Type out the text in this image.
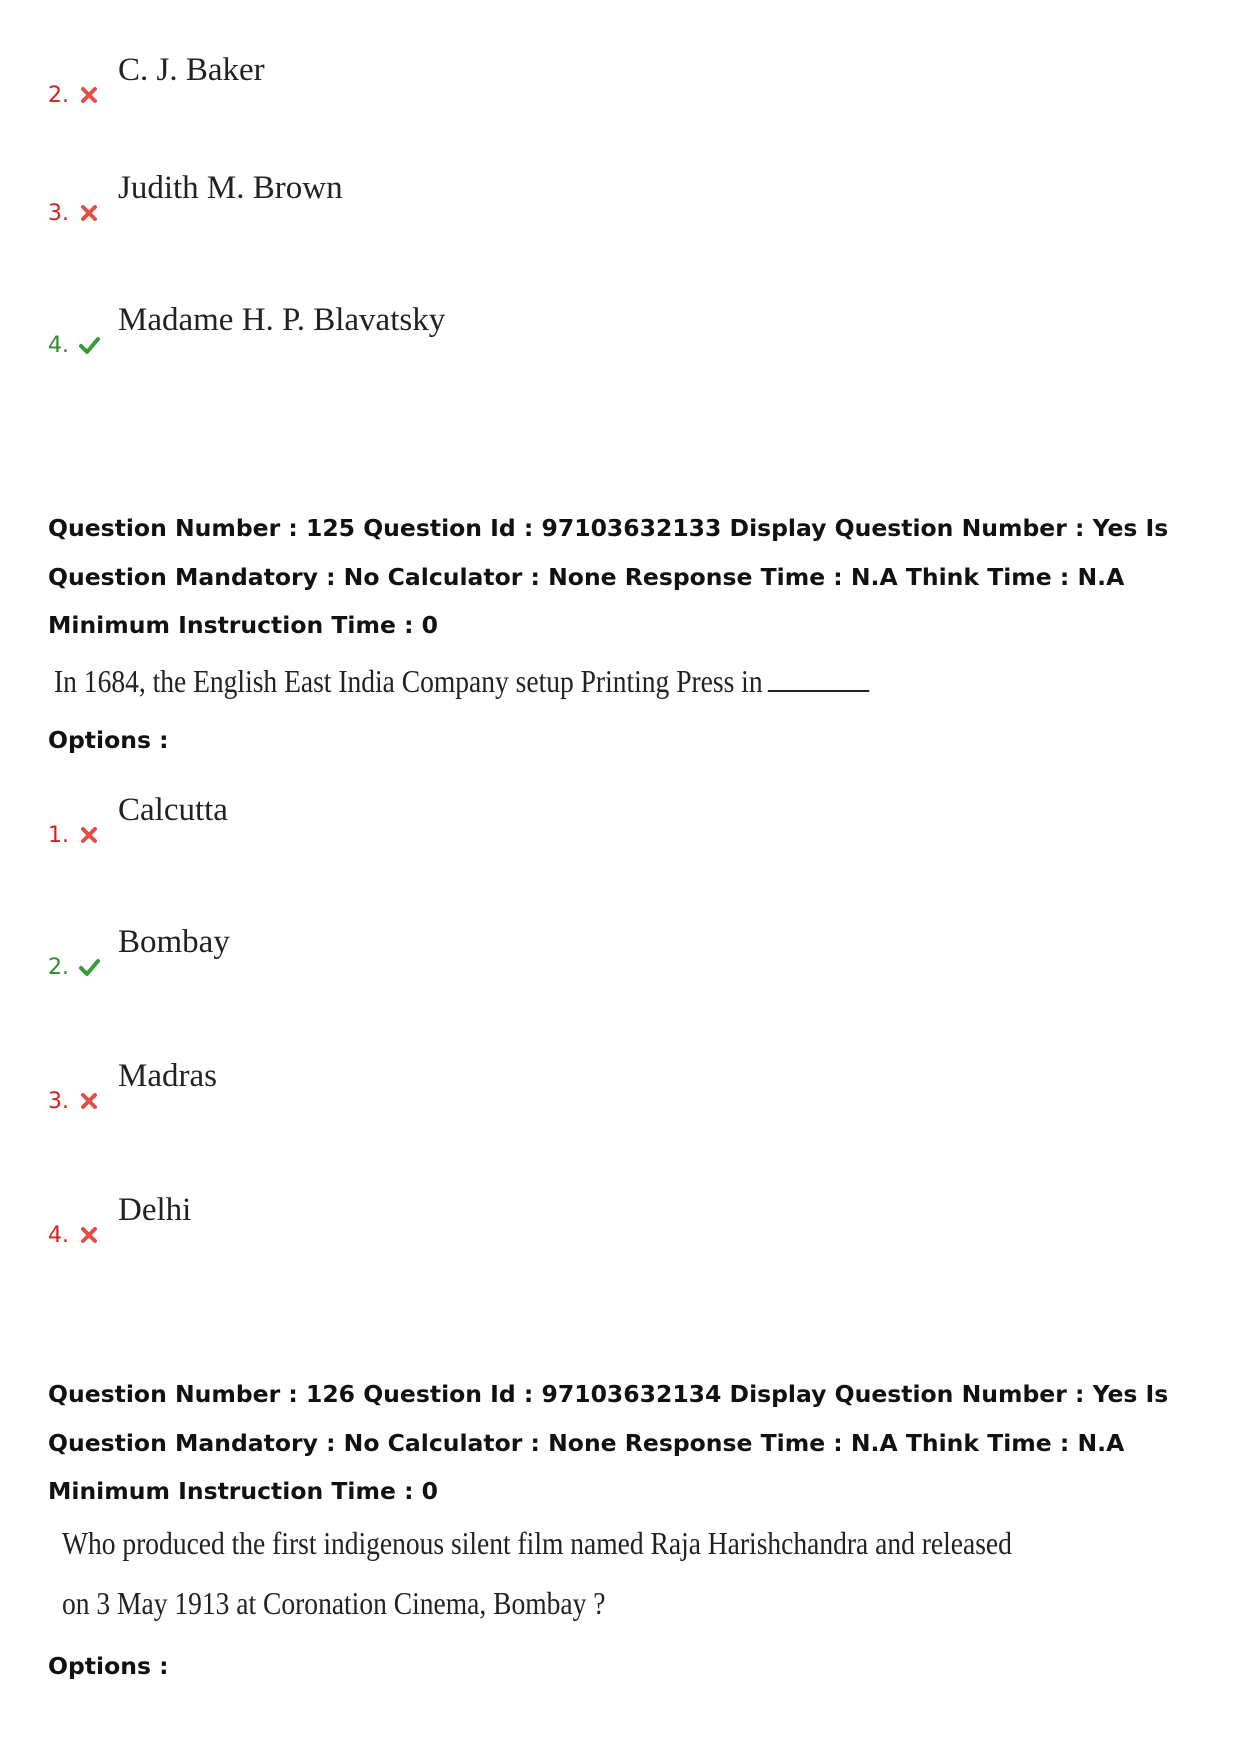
2.
C. J. Baker
3.
Judith M. Brown
4.
Madame H. P. Blavatsky
Question Number : 125 Question Id : 97103632133 Display Question Number : Yes Is Question Mandatory : No Calculator : None Response Time : N.A Think Time : N.A Minimum Instruction Time : 0
In 1684, the English East India Company setup Printing Press in
Options :
1.
Calcutta
2.
Bombay
3.
Madras
4.
Delhi
Question Number : 126 Question Id : 97103632134 Display Question Number : Yes Is Question Mandatory : No Calculator : None Response Time : N.A Think Time : N.A Minimum Instruction Time : 0
Who produced the first indigenous silent film named Raja Harishchandra and released
on 3 May 1913 at Coronation Cinema, Bombay ?
Options :
